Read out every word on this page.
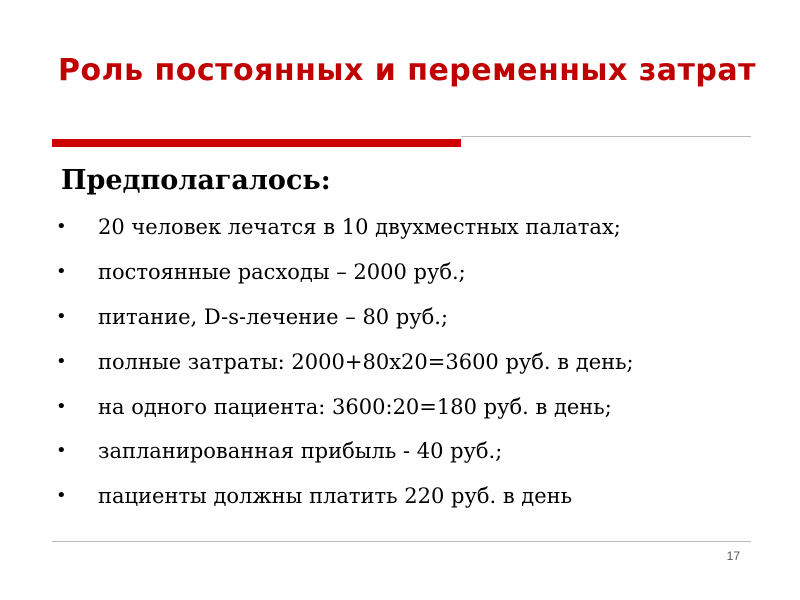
Роль постоянных и переменных затрат
Предполагалось:
• 20 человек лечатся в 10 двухместных палатах;
• постоянные расходы – 2000 руб.;
• питание, D-s-лечение – 80 руб.;
• полные затраты: 2000+80х20=3600 руб. в день;
• на одного пациента: 3600:20=180 руб. в день;
• запланированная прибыль - 40 руб.;
• пациенты должны платить 220 руб. в день
17
